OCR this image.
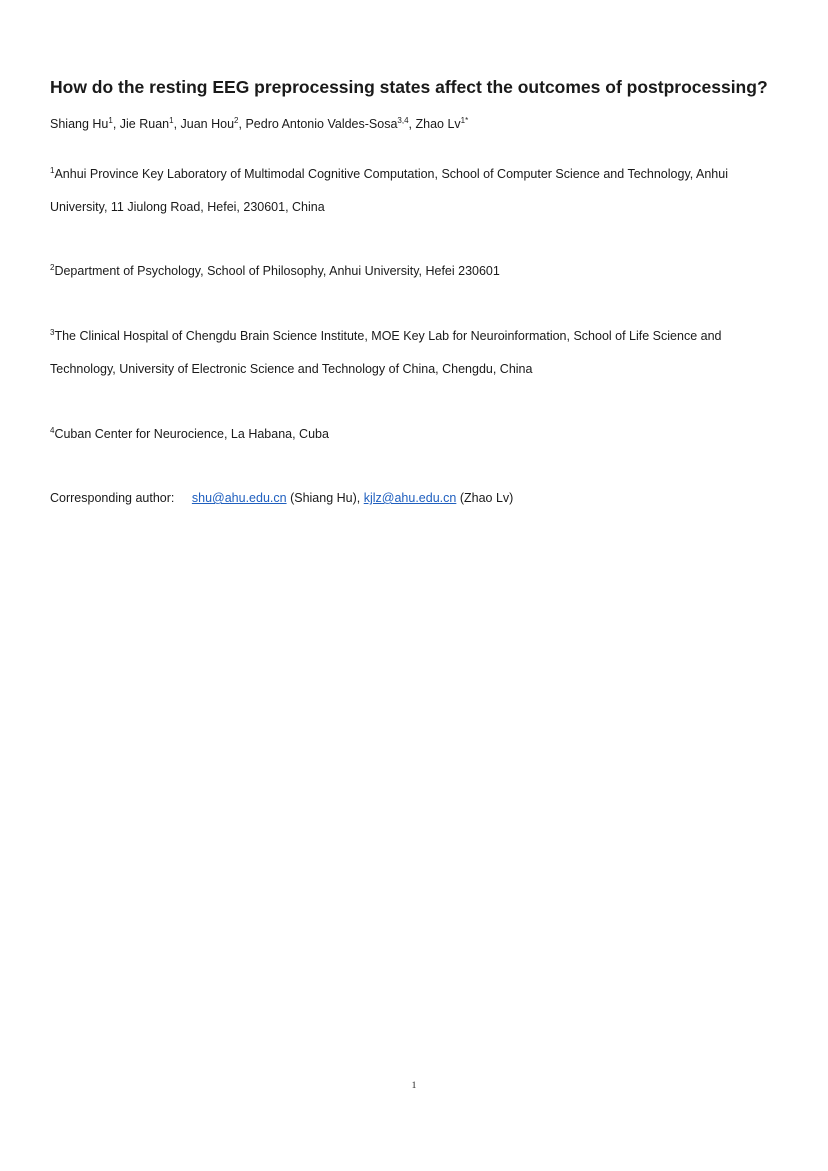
How do the resting EEG preprocessing states affect the outcomes of postprocessing?
Shiang Hu$^1$, Jie Ruan$^1$, Juan Hou$^2$, Pedro Antonio Valdes-Sosa$^{3,4}$, Zhao $Lv^{1*}$
$^1$Anhui Province Key Laboratory of Multimodal Cognitive Computation, School of Computer Science and Technology, Anhui University, 11 Jiulong Road, Hefei, 230601, China
$^2$Department of Psychology, School of Philosophy, Anhui University, Hefei 230601
$^3$The Clinical Hospital of Chengdu Brain Science Institute, MOE Key Lab for Neuroinformation, School of Life Science and Technology, University of Electronic Science and Technology of China, Chengdu, China
$^4$Cuban Center for Neurocience, La Habana, Cuba
Corresponding author: shu@ahu.edu.cn (Shiang Hu), kjlz@ahu.edu.cn (Zhao Lv)
1
